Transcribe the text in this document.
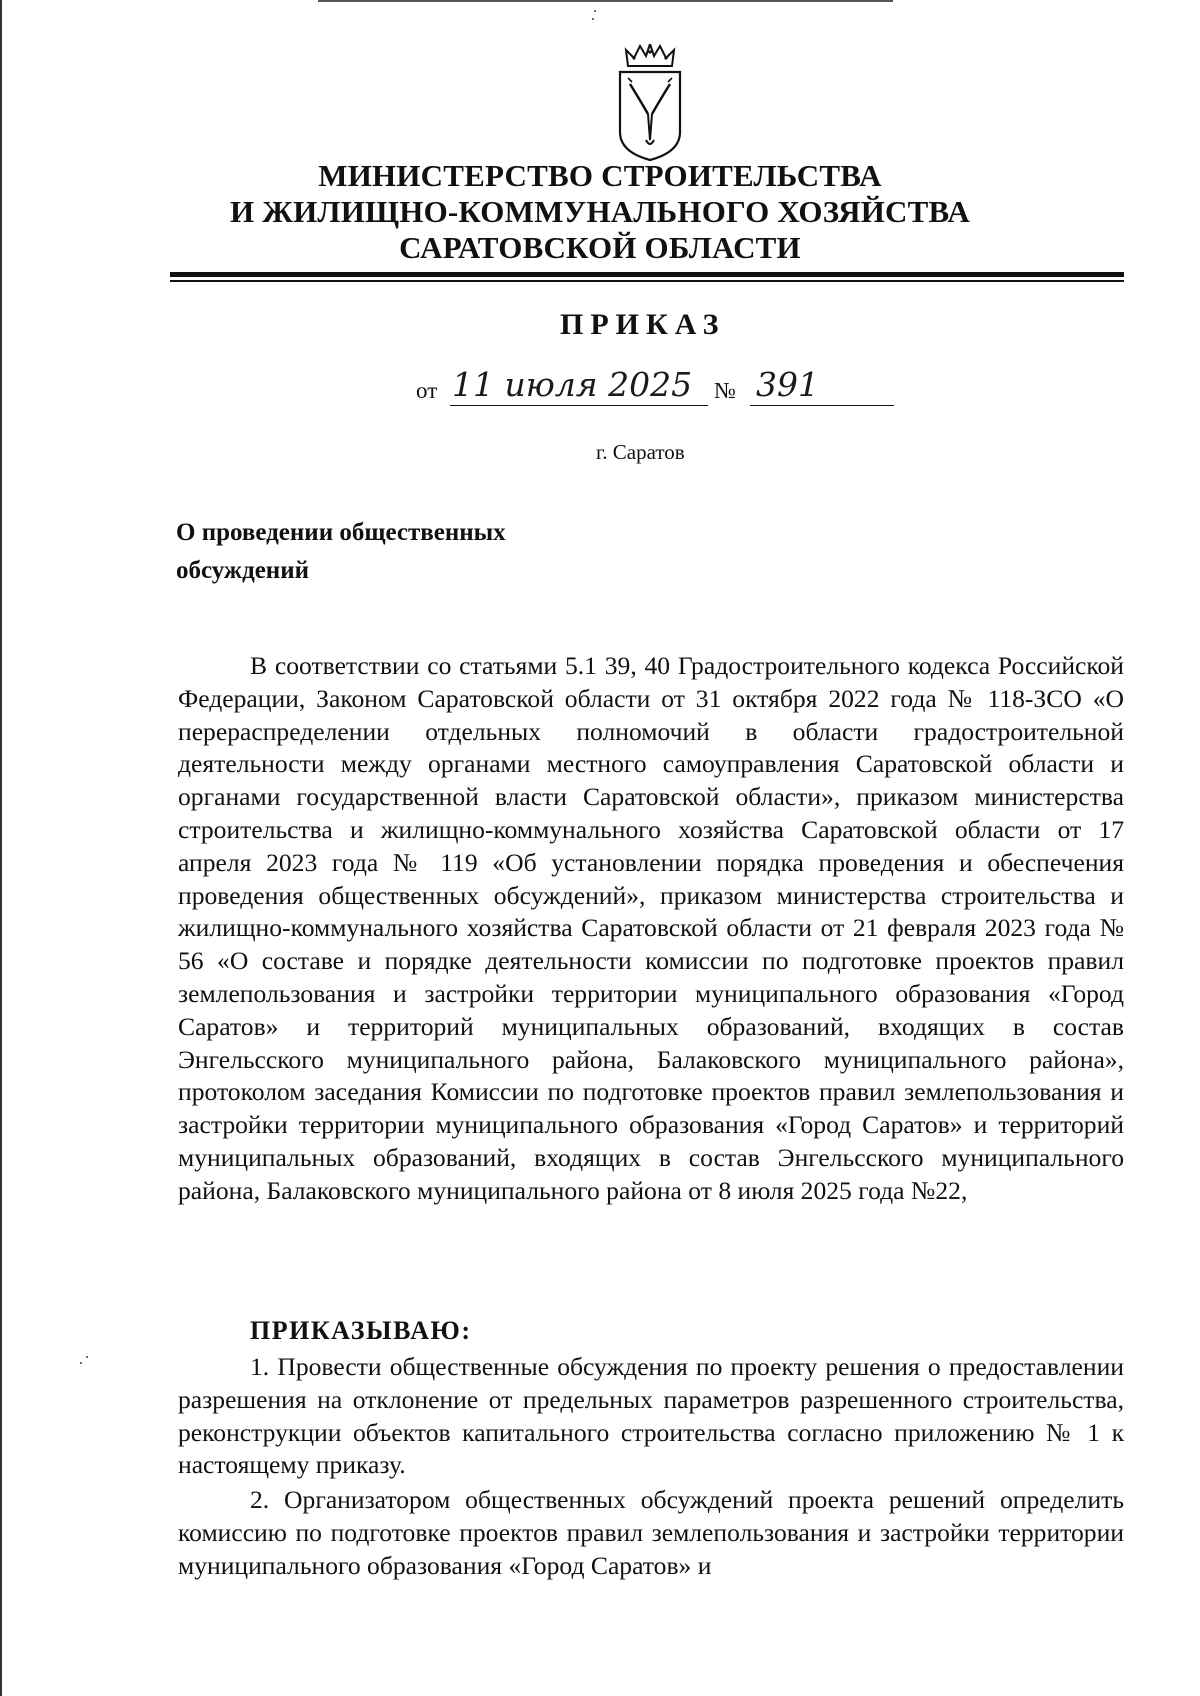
МИНИСТЕРСТВО СТРОИТЕЛЬСТВА
И ЖИЛИЩНО-КОММУНАЛЬНОГО ХОЗЯЙСТВА
САРАТОВСКОЙ ОБЛАСТИ
ПРИКАЗ
от 11 июля 2025 № 391
г. Саратов
О проведении общественных
обсуждений

В соответствии со статьями 5.1 39, 40 Градостроительного кодекса Российской Федерации, Законом Саратовской области от 31 октября 2022 года № 118-ЗСО «О перераспределении отдельных полномочий в области градостроительной деятельности между органами местного самоуправления Саратовской области и органами государственной власти Саратовской области», приказом министерства строительства и жилищно-коммунального хозяйства Саратовской области от 17 апреля 2023 года № 119 «Об установлении порядка проведения и обеспечения проведения общественных обсуждений», приказом министерства строительства и жилищно-коммунального хозяйства Саратовской области от 21 февраля 2023 года № 56 «О составе и порядке деятельности комиссии по подготовке проектов правил землепользования и застройки территории муниципального образования «Город Саратов» и территорий муниципальных образований, входящих в состав Энгельсского муниципального района, Балаковского муниципального района», протоколом заседания Комиссии по подготовке проектов правил землепользования и застройки территории муниципального образования «Город Саратов» и территорий муниципальных образований, входящих в состав Энгельсского муниципального района, Балаковского муниципального района от 8 июля 2025 года №22,

ПРИКАЗЫВАЮ:

1. Провести общественные обсуждения по проекту решения о предоставлении разрешения на отклонение от предельных параметров разрешенного строительства, реконструкции объектов капитального строительства согласно приложению № 1 к настоящему приказу.

2. Организатором общественных обсуждений проекта решений определить комиссию по подготовке проектов правил землепользования и застройки территории муниципального образования «Город Саратов» и
